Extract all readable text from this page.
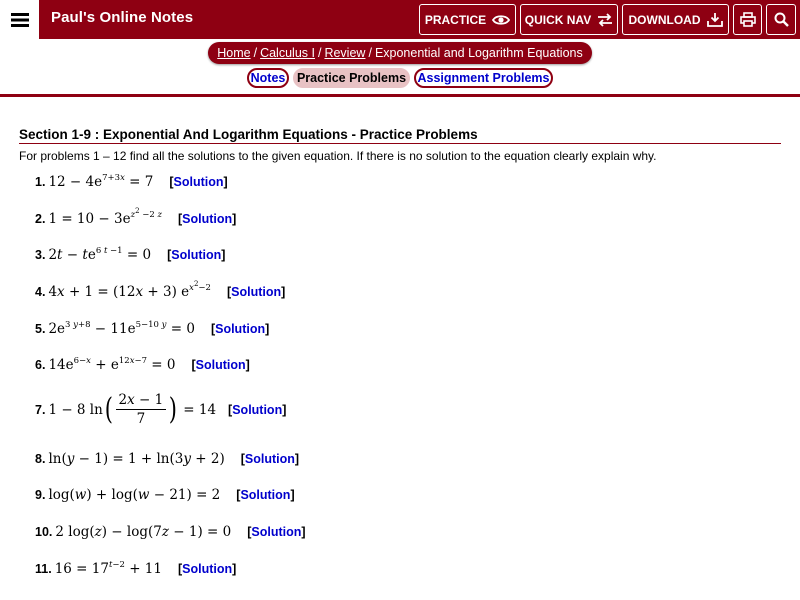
Paul's Online Notes	PRACTICE	QUICK NAV	DOWNLOAD
Home / Calculus I / Review / Exponential and Logarithm Equations
Notes Practice Problems Assignment Problems
Section 1-9 : Exponential And Logarithm Equations - Practice Problems
For problems 1 – 12 find all the solutions to the given equation. If there is no solution to the equation clearly explain why.
1. $12 - 4e^{7+3x} = 7$ [Solution]
2. $1 = 10 - 3e^{z^2 -2 z}$ [Solution]
3. $2t - te^{6 t -1} = 0$ [Solution]
4. 4x + 1 = (12x + 3) $e^{x^2-2}$ [Solution]
5. $2e^{3 y+8} - 11e^{5-10 y} = 0$ [Solution]
6. $14e^{6-x} + e^{12x-7} = 0$ [Solution]
7. 1 − 8 ln ( $\frac{2x - 1}{7}$ ) = 14 [Solution]
8. ln(y − 1) = 1 + ln(3y + 2) [Solution]
9. log(w) + log(w − 21) = 2 [Solution]
10. 2 log(z) − log(7z − 1) = 0 [Solution]
11. $16 = 17^{t-2} + 11$ [Solution]
